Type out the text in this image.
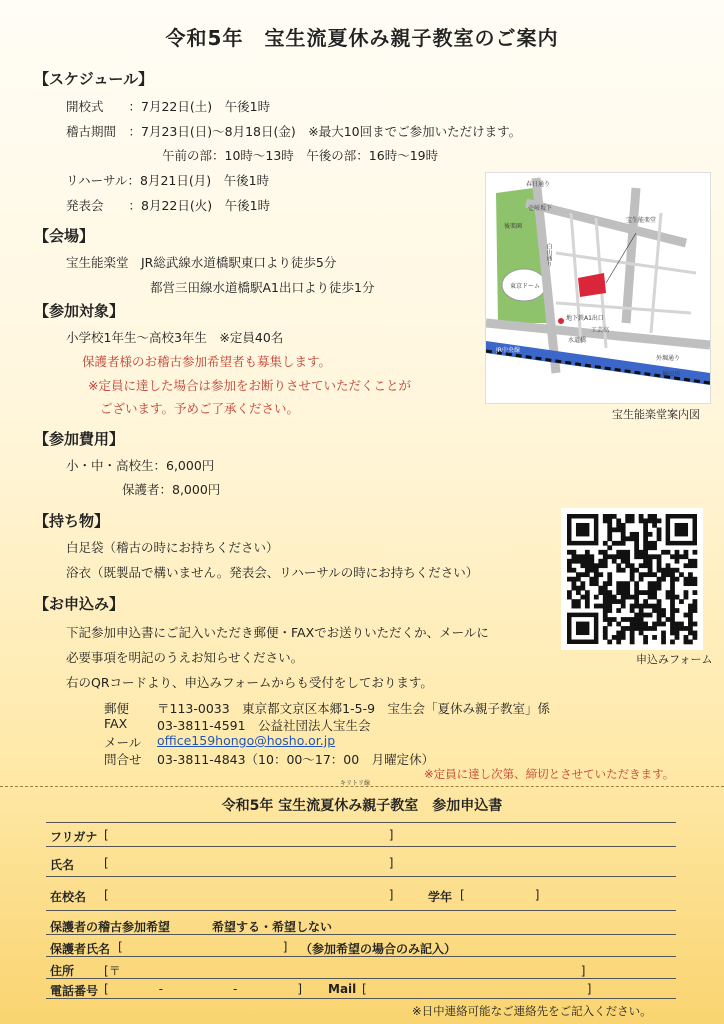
令和5年　宝生流夏休み親子教室のご案内
【スケジュール】
開校式　　：7月22日(土)　午後1時
稽古期間　：7月23日(日)～8月18日(金)　※最大10回までご参加いただけます。
午前の部：10時～13時　午後の部：16時～19時
リハーサル：8月21日(月)　午後1時
発表会　　：8月22日(火)　午後1時
【会場】
宝生能楽堂　JR総武線水道橋駅東口より徒歩5分
都営三田線水道橋駅A1出口より徒歩1分
【参加対象】
小学校1年生～高校3年生　※定員40名
保護者様のお稽古参加希望者も募集します。
※定員に達した場合は参加をお断りさせていただくことが
ございます。予めご了承ください。
宝生能楽堂
後楽園
東京ドーム
白山通り
外堀通り
水道橋
神田川
JR中央線
地下鉄A1出口
工芸高
春日通り
壱岐坂下
宝生能楽堂案内図
【参加費用】
小・中・高校生：6,000円
保護者：8,000円
【持ち物】
白足袋（稽古の時にお持ちください）
浴衣（既製品で構いません。発表会、リハーサルの時にお持ちください）
申込みフォーム
【お申込み】
下記参加申込書にご記入いただき郵便・FAXでお送りいただくか、メールに
必要事項を明記のうえお知らせください。
右のQRコードより、申込みフォームからも受付をしております。
郵便 〒113-0033　東京都文京区本郷1-5-9　宝生会「夏休み親子教室」係
FAX 03-3811-4591　公益社団法人宝生会
メール office159hongo@hosho.or.jp
問合せ 03-3811-4843（10：00～17：00　月曜定休）
※定員に達し次第、締切とさせていただきます。
キリトリ線
令和5年 宝生流夏休み親子教室　参加申込書
フリガナ [	]
氏名 [	]
在校名 [	]	学年 [	]
保護者の稽古参加希望	希望する・希望しない
保護者氏名 [	] （参加希望の場合のみ記入）
住所 [〒	]
電話番号 [	-	-	] Mail [	]
※日中連絡可能なご連絡先をご記入ください。
